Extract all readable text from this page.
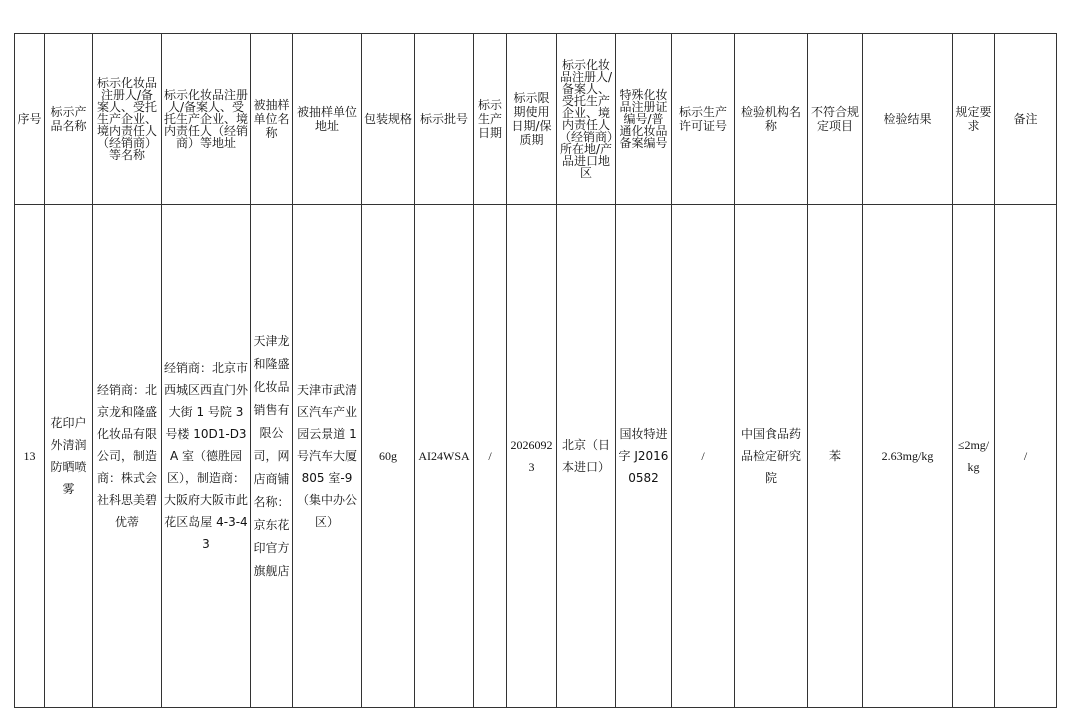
序号	标示产品名称	标示化妆品注册人/备案人、受托生产企业、境内责任人（经销商）等名称	标示化妆品注册人/备案人、受托生产企业、境内责任人（经销商）等地址	被抽样单位名称	被抽样单位地址	包装规格	标示批号	标示生产日期	标示限期使用日期/保质期	标示化妆品注册人/备案人、受托生产企业、境内责任人（经销商）所在地/产品进口地区	特殊化妆品注册证编号/普通化妆品备案编号	标示生产许可证号	检验机构名称	不符合规定项目	检验结果	规定要求	备注
13	花印户外清润防晒喷雾	经销商：北京龙和隆盛化妆品有限公司，制造商：株式会社科思美碧优蒂	经销商：北京市西城区西直门外大街 1 号院 3 号楼 10D1-D3A 室（德胜园区），制造商：大阪府大阪市此花区岛屋 4-3-43	天津龙和隆盛化妆品销售有限公司，网店商铺名称：京东花印官方旗舰店	天津市武清区汽车产业园云景道 1 号汽车大厦 805 室-9（集中办公区）	60g	AI24WSA	/	20260923	北京（日本进口）	国妆特进字 J20160582	/	中国食品药品检定研究院	苯	2.63mg/kg	≤2mg/kg	/
